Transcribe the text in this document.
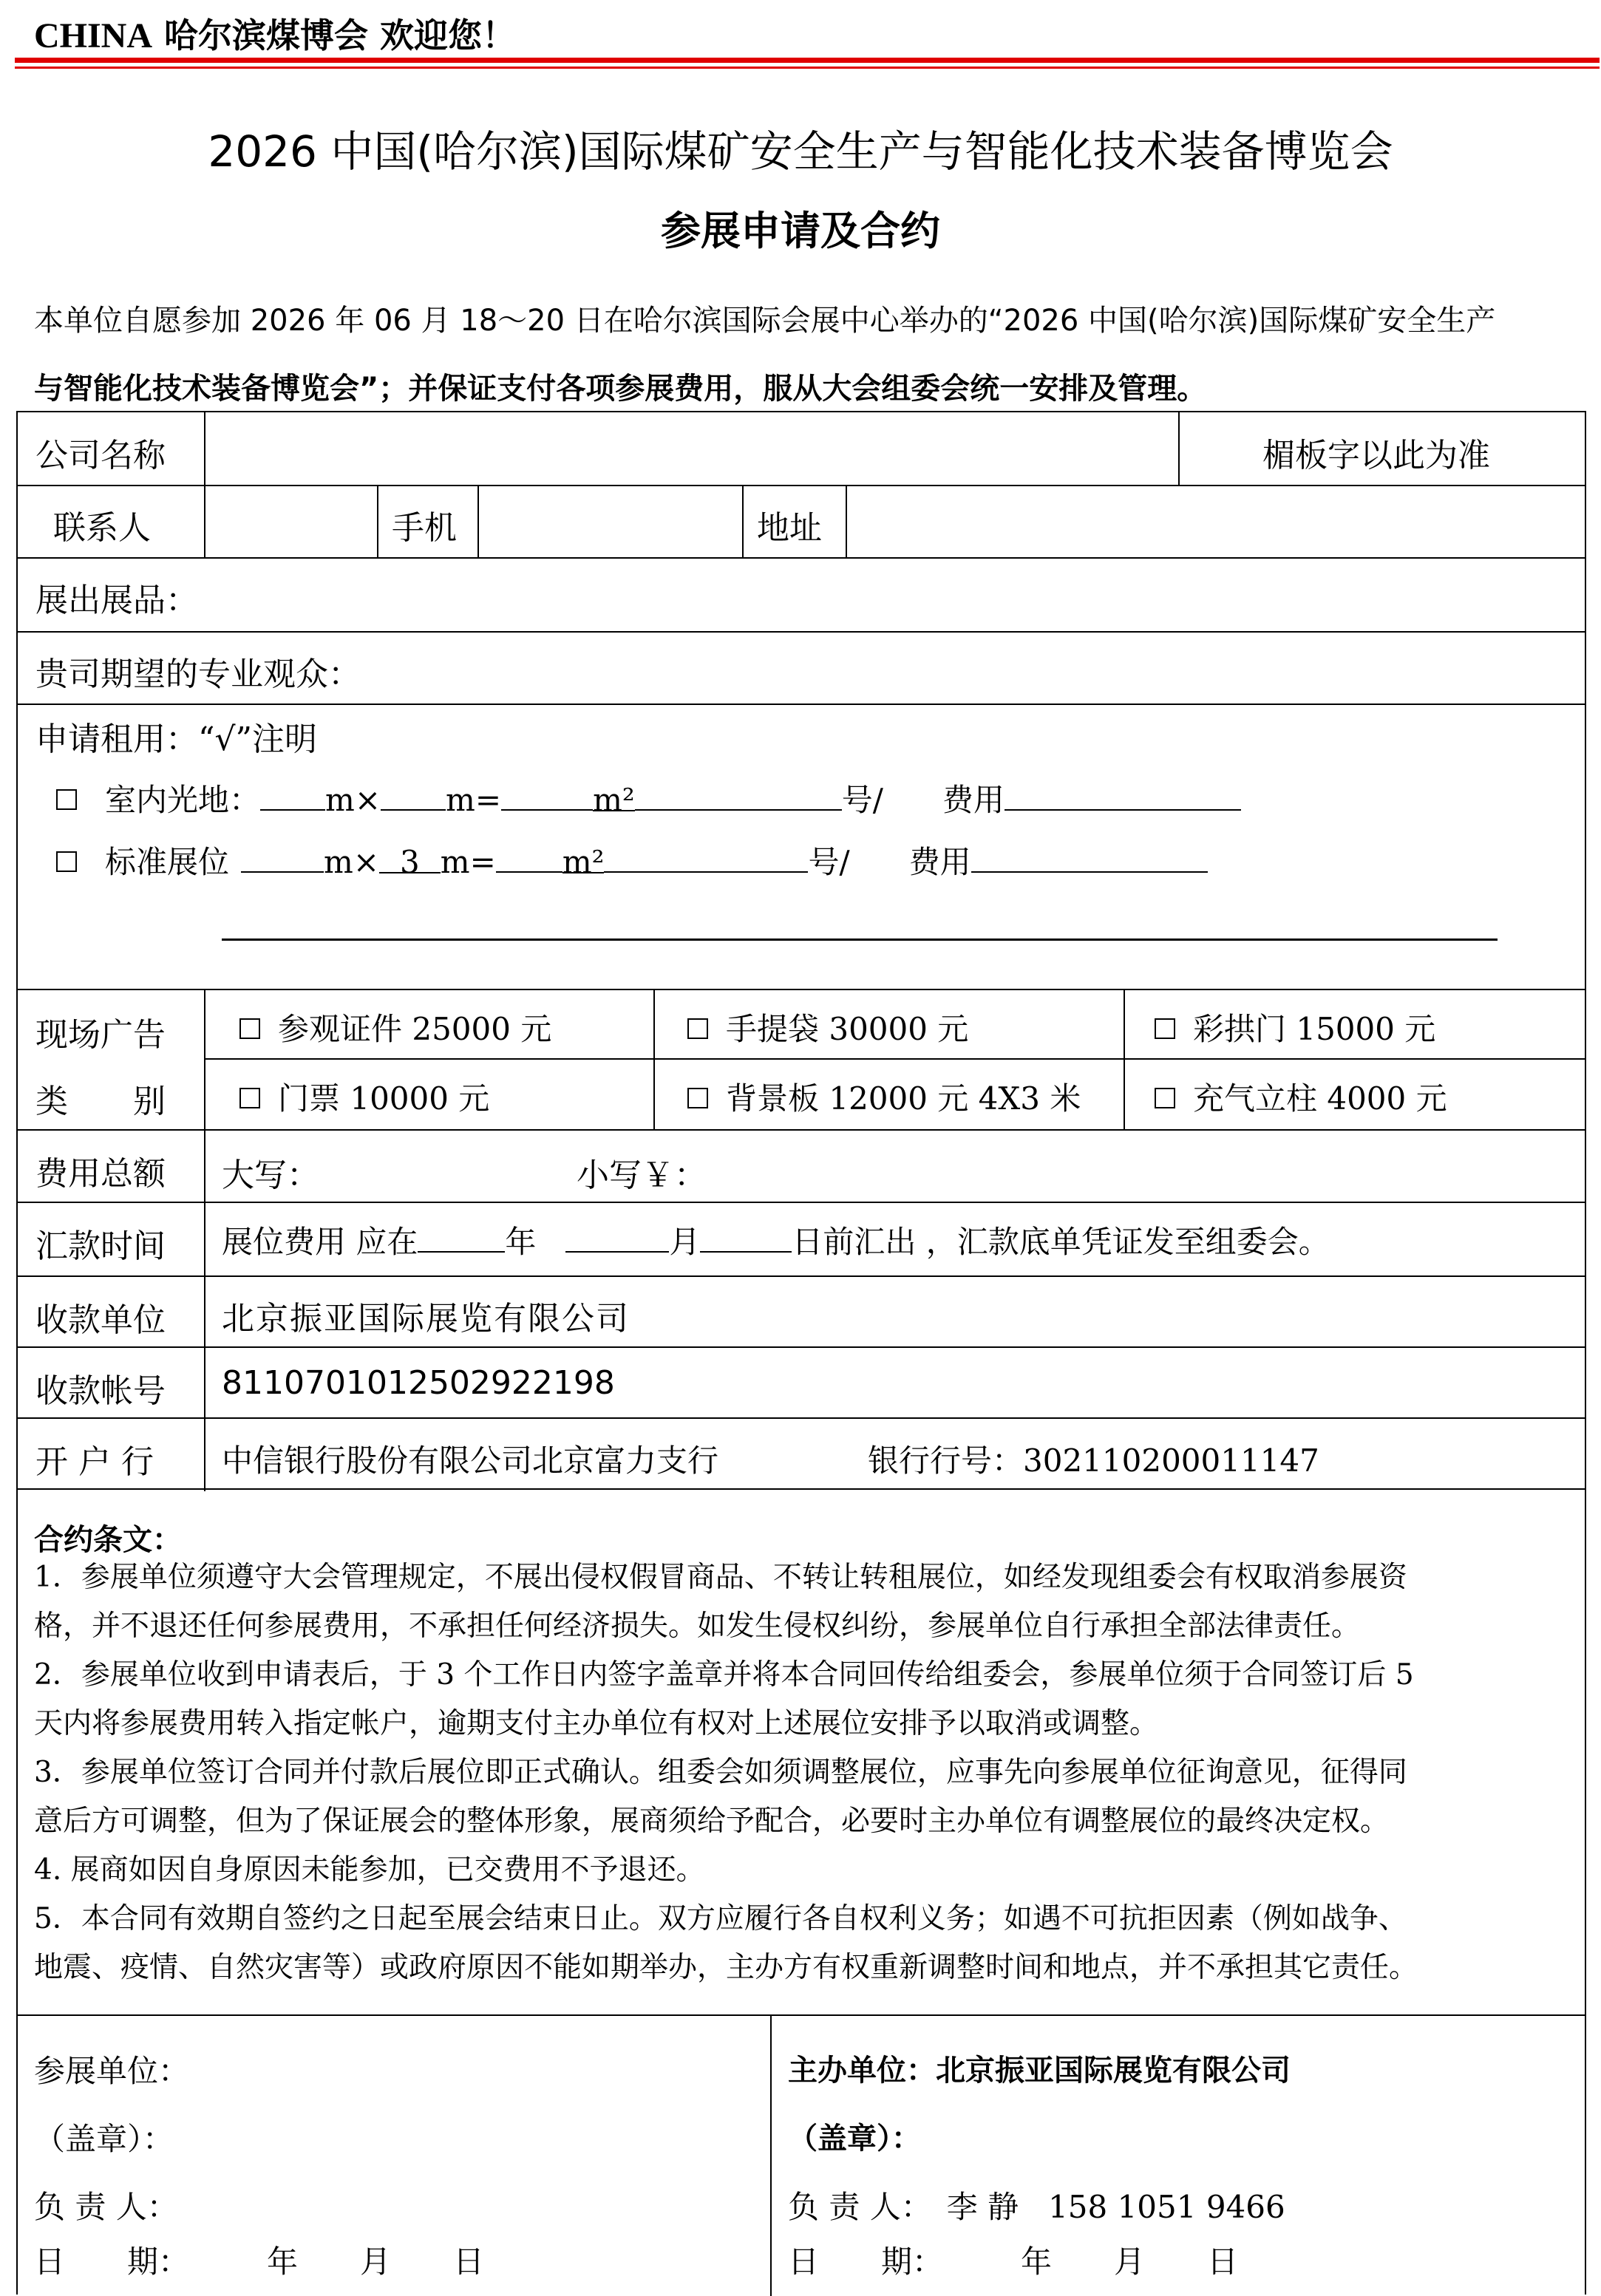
CHINA 哈尔滨煤博会 欢迎您！
2026 中国(哈尔滨)国际煤矿安全生产与智能化技术装备博览会
参展申请及合约
本单位自愿参加 2026 年 06 月 18～20 日在哈尔滨国际会展中心举办的“2026 中国(哈尔滨)国际煤矿安全生产
与智能化技术装备博览会”；并保证支付各项参展费用，服从大会组委会统一安排及管理。
公司名称	楣板字以此为准
联系人	手机	地址
展出展品：
贵司期望的专业观众：
申请租用：“√”注明
室内光地： m× m=	m²	号/ 费用
标准展位	m× 3 m= m²	号/ 费用
现场广告
类　　别
参观证件 25000 元	手提袋 30000 元	彩拱门 15000 元
门票 10000 元	背景板 12000 元 4X3 米	充气立柱 4000 元
费用总额 大写：	小写￥：
汇款时间 展位费用 应在	年	月	日前汇出 ，汇款底单凭证发至组委会。
收款单位 北京振亚国际展览有限公司
收款帐号 8110701012502922198
开 户 行 中信银行股份有限公司北京富力支行	银行行号：302110200011147
合约条文：
1．参展单位须遵守大会管理规定，不展出侵权假冒商品、不转让转租展位，如经发现组委会有权取消参展资
格，并不退还任何参展费用，不承担任何经济损失。如发生侵权纠纷，参展单位自行承担全部法律责任。
2．参展单位收到申请表后，于 3 个工作日内签字盖章并将本合同回传给组委会，参展单位须于合同签订后 5
天内将参展费用转入指定帐户，逾期支付主办单位有权对上述展位安排予以取消或调整。
3．参展单位签订合同并付款后展位即正式确认。组委会如须调整展位，应事先向参展单位征询意见，征得同
意后方可调整，但为了保证展会的整体形象，展商须给予配合，必要时主办单位有调整展位的最终决定权。
4. 展商如因自身原因未能参加，已交费用不予退还。
5．本合同有效期自签约之日起至展会结束日止。双方应履行各自权利义务；如遇不可抗拒因素（例如战争、
地震、疫情、自然灾害等）或政府原因不能如期举办，主办方有权重新调整时间和地点，并不承担其它责任。
参展单位：
（盖章）：
负 责 人：
日　　期：　　　年　　月　　日
主办单位：北京振亚国际展览有限公司
（盖章）：
负 责 人： 李 静 158 1051 9466
日　　期：　　　年　　月　　日
